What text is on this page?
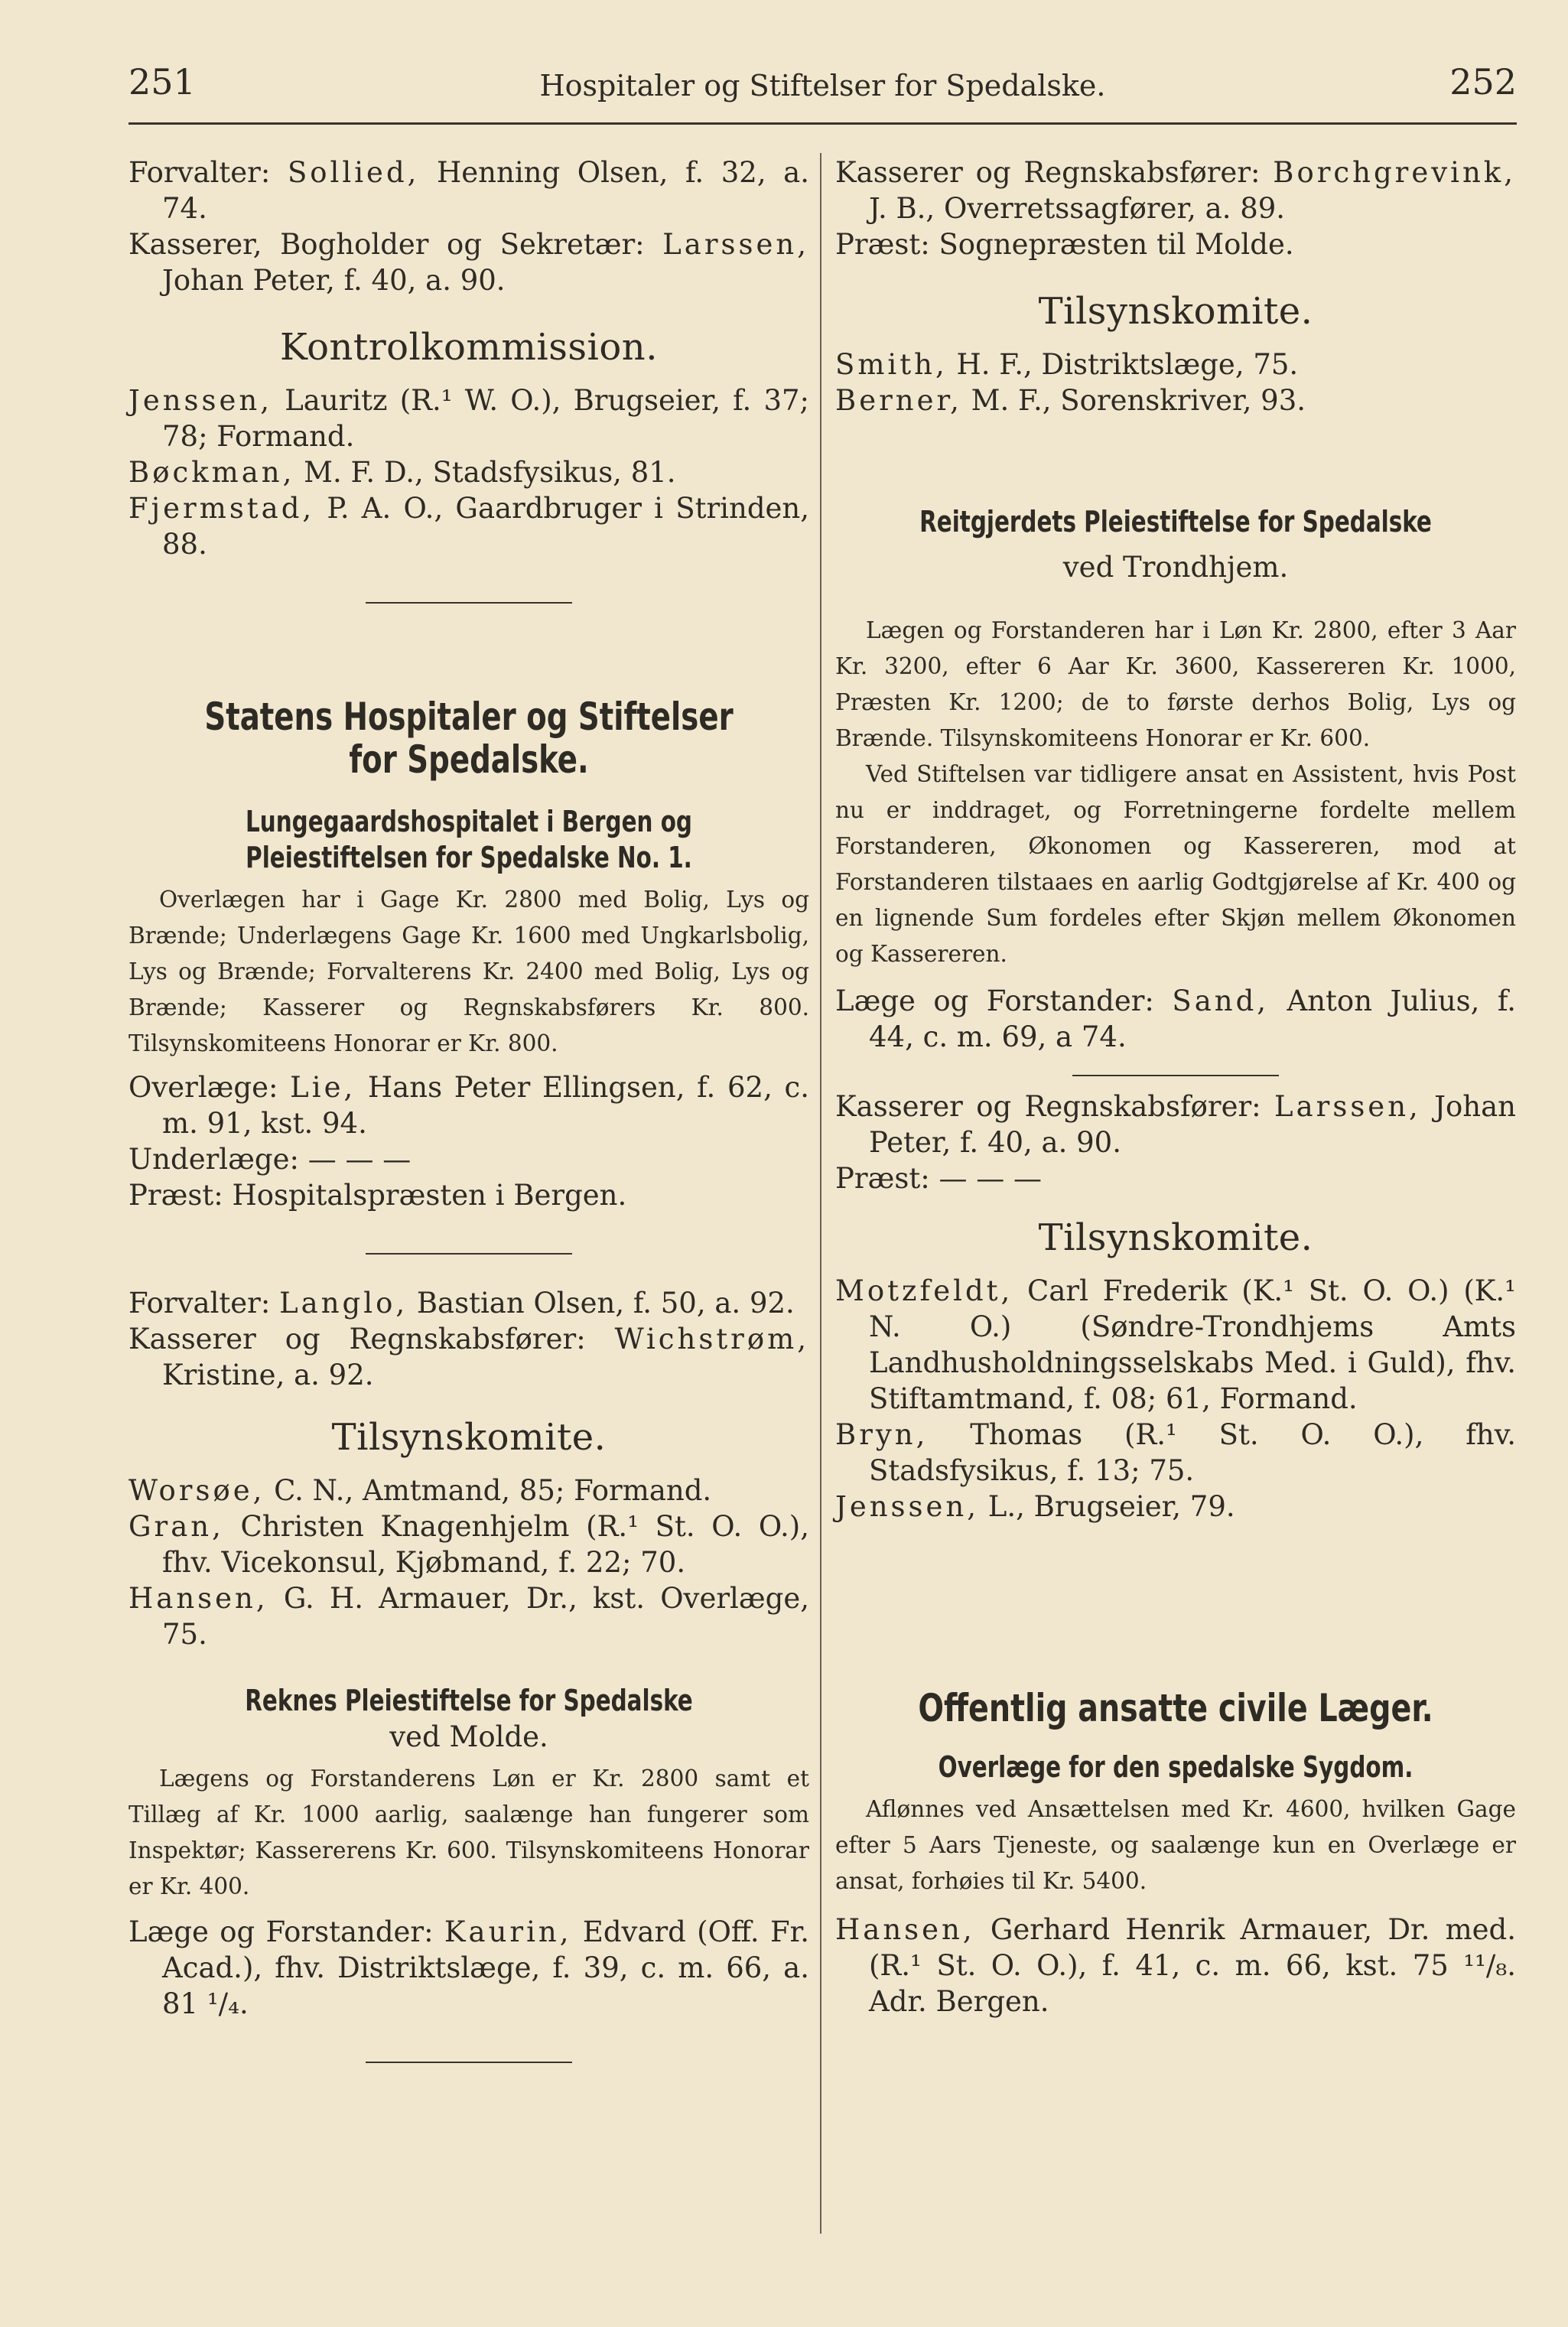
251	Hospitaler og Stiftelser for Spedalske.	252

Forvalter: Sollied, Henning Olsen, f. 32, a. 74.

Kasserer, Bogholder og Sekretær: Larssen, Johan Peter, f. 40, a. 90.

Kontrolkommission.

Jenssen, Lauritz (R.¹ W. O.), Brugseier, f. 37; 78; Formand.

Bøckman, M. F. D., Stadsfysikus, 81.

Fjermstad, P. A. O., Gaardbruger i Strinden, 88.

Statens Hospitaler og Stiftelser for Spedalske.

Lungegaardshospitalet i Bergen og Pleiestiftelsen for Spedalske No. 1.

Overlægen har i Gage Kr. 2800 med Bolig, Lys og Brænde; Underlægens Gage Kr. 1600 med Ungkarlsbolig, Lys og Brænde; Forvalterens Kr. 2400 med Bolig, Lys og Brænde; Kasserer og Regnskabsførers Kr. 800. Tilsynskomiteens Honorar er Kr. 800.

Overlæge: Lie, Hans Peter Ellingsen, f. 62, c. m. 91, kst. 94.

Underlæge: — — —

Præst: Hospitalspræsten i Bergen.

Forvalter: Langlo, Bastian Olsen, f. 50, a. 92.

Kasserer og Regnskabsfører: Wichstrøm, Kristine, a. 92.

Tilsynskomite.

Worsøe, C. N., Amtmand, 85; Formand.

Gran, Christen Knagenhjelm (R.¹ St. O. O.), fhv. Vicekonsul, Kjøbmand, f. 22; 70.

Hansen, G. H. Armauer, Dr., kst. Overlæge, 75.

Reknes Pleiestiftelse for Spedalske

ved Molde.

Lægens og Forstanderens Løn er Kr. 2800 samt et Tillæg af Kr. 1000 aarlig, saalænge han fungerer som Inspektør; Kassererens Kr. 600. Tilsynskomiteens Honorar er Kr. 400.

Læge og Forstander: Kaurin, Edvard (Off. Fr. Acad.), fhv. Distriktslæge, f. 39, c. m. 66, a. 81 ¹/₄.

Kasserer og Regnskabsfører: Borchgrevink, J. B., Overretssagfører, a. 89.

Præst: Sognepræsten til Molde.

Tilsynskomite.

Smith, H. F., Distriktslæge, 75.

Berner, M. F., Sorenskriver, 93.

Reitgjerdets Pleiestiftelse for Spedalske

ved Trondhjem.

Lægen og Forstanderen har i Løn Kr. 2800, efter 3 Aar Kr. 3200, efter 6 Aar Kr. 3600, Kassereren Kr. 1000, Præsten Kr. 1200; de to første derhos Bolig, Lys og Brænde. Tilsynskomiteens Honorar er Kr. 600.

Ved Stiftelsen var tidligere ansat en Assistent, hvis Post nu er inddraget, og Forretningerne fordelte mellem Forstanderen, Økonomen og Kassereren, mod at Forstanderen tilstaaes en aarlig Godtgjørelse af Kr. 400 og en lignende Sum fordeles efter Skjøn mellem Økonomen og Kassereren.

Læge og Forstander: Sand, Anton Julius, f. 44, c. m. 69, a 74.

Kasserer og Regnskabsfører: Larssen, Johan Peter, f. 40, a. 90.

Præst: — — —

Tilsynskomite.

Motzfeldt, Carl Frederik (K.¹ St. O. O.) (K.¹ N. O.) (Søndre-Trondhjems Amts Landhusholdningsselskabs Med. i Guld), fhv. Stiftamtmand, f. 08; 61, Formand.

Bryn, Thomas (R.¹ St. O. O.), fhv. Stadsfysikus, f. 13; 75.

Jenssen, L., Brugseier, 79.

Offentlig ansatte civile Læger.

Overlæge for den spedalske Sygdom.

Aflønnes ved Ansættelsen med Kr. 4600, hvilken Gage efter 5 Aars Tjeneste, og saalænge kun en Overlæge er ansat, forhøies til Kr. 5400.

Hansen, Gerhard Henrik Armauer, Dr. med. (R.¹ St. O. O.), f. 41, c. m. 66, kst. 75 ¹¹/₈. Adr. Bergen.
